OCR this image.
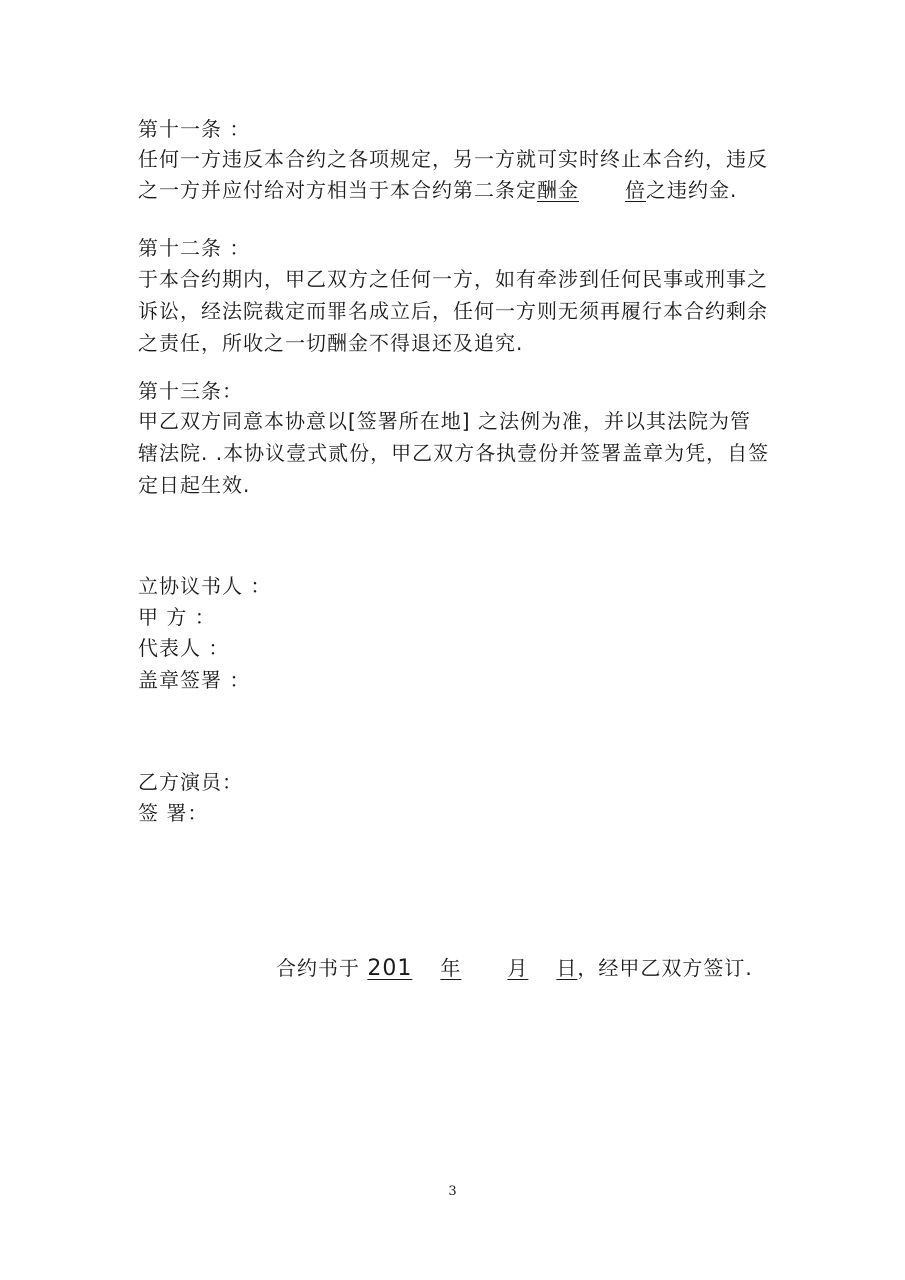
第十一条 ：
任何一方违反本合约之各项规定，另一方就可实时终止本合约，违反
之一方并应付给对方相当于本合约第二条定酬金 倍之违约金.
第十二条 ：
于本合约期内，甲乙双方之任何一方，如有牵涉到任何民事或刑事之
诉讼，经法院裁定而罪名成立后，任何一方则无须再履行本合约剩余
之责任，所收之一切酬金不得退还及追究.
第十三条：
甲乙双方同意本协意以[签署所在地] 之法例为准，并以其法院为管
辖法院. .本协议壹式贰份，甲乙双方各执壹份并签署盖章为凭，自签
定日起生效.
立协议书人 ：
甲 方 ：
代表人 ：
盖章签署 ：
乙方演员：
签 署：
合约书于 201 年 月 日，经甲乙双方签订.
3
